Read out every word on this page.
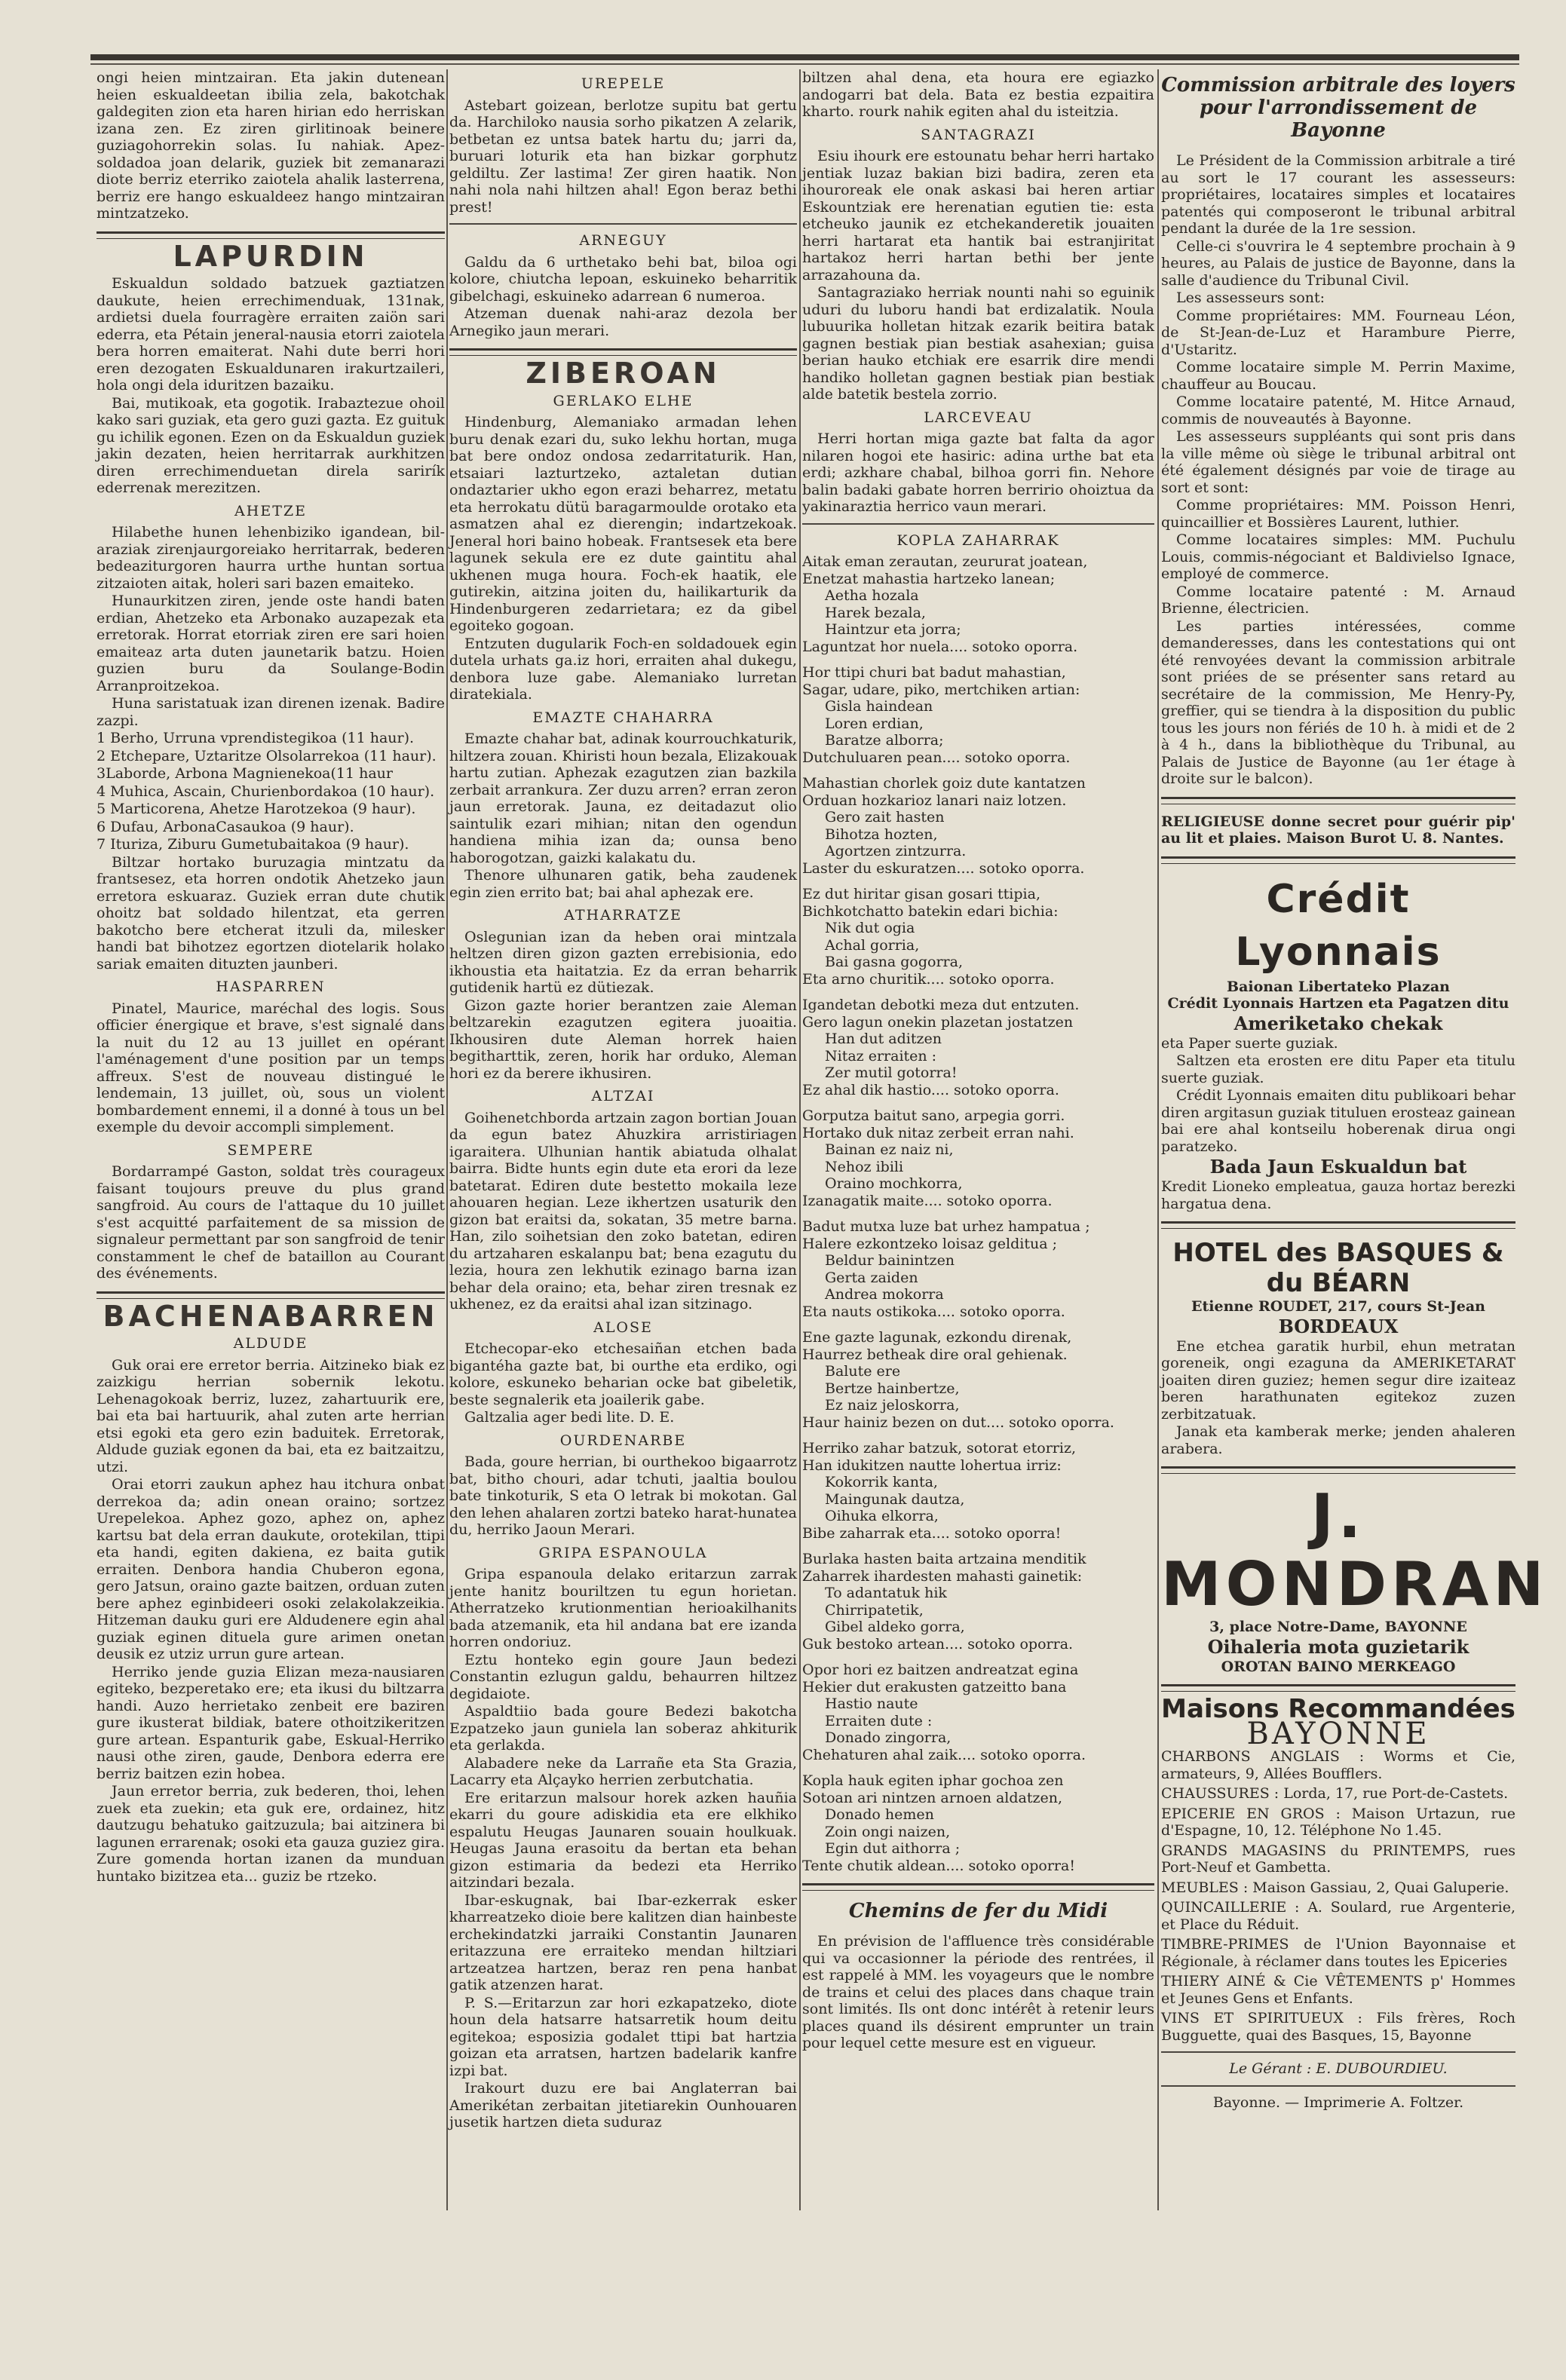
ongi heien mintzairan. Eta jakin dutenean heien eskualdeetan ibilia zela, bakotchak galdegiten zion eta haren hirian edo herriskan izana zen. Ez ziren girlitinoak beinere guziagohorrekin solas. Iu nahiak. Apez-soldadoa joan delarik, guziek bit zemanarazi diote berriz eterriko zaiotela ahalik lasterrena, berriz ere hango eskualdeez hango mintzairan mintzatzeko.

LAPURDIN

Eskualdun soldado batzuek gaztiatzen daukute, heien errechimenduak, 131nak, ardietsi duela fourragère erraiten zaiön sari ederra, eta Pétain jeneral-nausia etorri zaiotela bera horren emaiterat. Nahi dute berri hori eren dezogaten Eskualdunaren irakurtzaileri, hola ongi dela iduritzen bazaiku.

Bai, mutikoak, eta gogotik. Irabaztezue ohoil kako sari guziak, eta gero guzi gazta. Ez guituk gu ichilik egonen. Ezen on da Eskualdun guziek jakin dezaten, heien herritarrak aurkhitzen diren errechimenduetan direla sarirík ederrenak merezitzen.

AHETZE

Hilabethe hunen lehenbiziko igandean, bil-araziak zirenjaurgoreiako herritarrak, bederen bedeaziturgoren haurra urthe huntan sortua zitzaioten aitak, holeri sari bazen emaiteko.

Hunaurkitzen ziren, jende oste handi baten erdian, Ahetzeko eta Arbonako auzapezak eta erretorak. Horrat etorriak ziren ere sari hoien emaiteaz arta duten jaunetarik batzu. Hoien guzien buru da Soulange-Bodin Arranproitzekoa.

Huna saristatuak izan direnen izenak. Badire zazpi.

1 Berho, Urruna vprendistegikoa (11 haur).

2 Etchepare, Uztaritze Olsolarrekoa (11 haur).

3Laborde, Arbona Magnienekoa(11 haur

4 Muhica, Ascain, Churienbordakoa (10 haur).

5 Marticorena, Ahetze Harotzekoa (9 haur).

6 Dufau, ArbonaCasaukoa (9 haur).

7 Ituriza, Ziburu Gumetubaitakoa (9 haur).

Biltzar hortako buruzagia mintzatu da frantsesez, eta horren ondotik Ahetzeko jaun erretora eskuaraz. Guziek erran dute chutik ohoitz bat soldado hilentzat, eta gerren bakotcho bere etcherat itzuli da, milesker handi bat bihotzez egortzen diotelarik holako sariak emaiten dituzten jaunberi.

HASPARREN

Pinatel, Maurice, maréchal des logis. Sous officier énergique et brave, s'est signalé dans la nuit du 12 au 13 juillet en opérant l'aménagement d'une position par un temps affreux. S'est de nouveau distingué le lendemain, 13 juillet, où, sous un violent bombardement ennemi, il a donné à tous un bel exemple du devoir accompli simplement.

SEMPERE

Bordarrampé Gaston, soldat très courageux faisant toujours preuve du plus grand sangfroid. Au cours de l'attaque du 10 juillet s'est acquitté parfaitement de sa mission de signaleur permettant par son sangfroid de tenir constamment le chef de bataillon au Courant des événements.

BACHENABARREN
ALDUDE

Guk orai ere erretor berria. Aitzineko biak ez zaizkigu herrian sobernik lekotu. Lehenagokoak berriz, luzez, zahartuurik ere, bai eta bai hartuurik, ahal zuten arte herrian etsi egoki eta gero ezin baduitek. Erretorak, Aldude guziak egonen da bai, eta ez baitzaitzu, utzi.

Orai etorri zaukun aphez hau itchura onbat derrekoa da; adin onean oraino; sortzez Urepelekoa. Aphez gozo, aphez on, aphez kartsu bat dela erran daukute, orotekilan, ttipi eta handi, egiten dakiena, ez baita gutik erraiten. Denbora handia Chuberon egona, gero Jatsun, oraino gazte baitzen, orduan zuten bere aphez eginbideeri osoki zelakolakzeikia. Hitzeman dauku guri ere Aldudenere egin ahal guziak eginen dituela gure arimen onetan deusik ez utziz urrun gure artean.

Herriko jende guzia Elizan meza-nausiaren egiteko, bezperetako ere; eta ikusi du biltzarra handi. Auzo herrietako zenbeit ere baziren gure ikusterat bildiak, batere othoitzikeritzen gure artean. Espanturik gabe, Eskual-Herriko nausi othe ziren, gaude, Denbora ederra ere berriz baitzen ezin hobea.

Jaun erretor berria, zuk bederen, thoi, lehen zuek eta zuekin; eta guk ere, ordainez, hitz dautzugu behatuko gaitzuzula; bai aitzinera bi lagunen errarenak; osoki eta gauza guziez gira. Zure gomenda hortan izanen da munduan huntako bizitzea eta... guziz be rtzeko.

UREPELE

Astebart goizean, berlotze supitu bat gertu da. Harchiloko nausia sorho pikatzen A zelarik, betbetan ez untsa batek hartu du; jarri da, buruari loturik eta han bizkar gorphutz geldiltu. Zer lastima! Zer giren haatik. Non nahi nola nahi hiltzen ahal! Egon beraz bethi prest!

ARNEGUY

Galdu da 6 urthetako behi bat, biloa ogi kolore, chiutcha lepoan, eskuineko beharritik gibelchagi, eskuineko adarrean 6 numeroa.

Atzeman duenak nahi-araz dezola ber Arnegiko jaun merari.

ZIBEROAN
GERLAKO ELHE

Hindenburg, Alemaniako armadan lehen buru denak ezari du, suko lekhu hortan, muga bat bere ondoz ondosa zedarritaturik. Han, etsaiari lazturtzeko, aztaletan dutian ondaztarier ukho egon erazi beharrez, metatu eta herrokatu dütü baragarmoulde orotako eta asmatzen ahal ez dierengin; indartzekoak. Jeneral hori baino hobeak. Frantsesek eta bere lagunek sekula ere ez dute gaintitu ahal ukhenen muga houra. Foch-ek haatik, ele gutirekin, aitzina joiten du, hailikarturik da Hindenburgeren zedarrietara; ez da gibel egoiteko gogoan.

Entzuten dugularik Foch-en soldadouek egin dutela urhats ga.iz hori, erraiten ahal dukegu, denbora luze gabe. Alemaniako lurretan diratekiala.

EMAZTE CHAHARRA

Emazte chahar bat, adinak kourrouchkaturik, hiltzera zouan. Khiristi houn bezala, Elizakouak hartu zutian. Aphezak ezagutzen zian bazkila zerbait arrankura. Zer duzu arren? erran zeron jaun erretorak. Jauna, ez deitadazut olio saintulik ezari mihian; nitan den ogendun handiena mihia izan da; ounsa beno haborogotzan, gaizki kalakatu du.

Thenore ulhunaren gatik, beha zaudenek egin zien errito bat; bai ahal aphezak ere.

ATHARRATZE

Oslegunian izan da heben orai mintzala heltzen diren gizon gazten errebisionia, edo ikhoustia eta haitatzia. Ez da erran beharrik gutidenik hartü ez dütiezak.

Gizon gazte horier berantzen zaie Aleman beltzarekin ezagutzen egitera juoaitia. Ikhousiren dute Aleman horrek haien begitharttik, zeren, horik har orduko, Aleman hori ez da berere ikhusiren.

ALTZAI

Goihenetchborda artzain zagon bortian Jouan da egun batez Ahuzkira arristiriagen igaraitera. Ulhunian hantik abiatuda olhalat bairra. Bidte hunts egin dute eta erori da leze batetarat. Ediren dute bestetto mokaila leze ahouaren hegian. Leze ikhertzen usaturik den gizon bat eraitsi da, sokatan, 35 metre barna. Han, zilo soihetsian den zoko batetan, ediren du artzaharen eskalanpu bat; bena ezagutu du lezia, houra zen lekhutik ezinago barna izan behar dela oraino; eta, behar ziren tresnak ez ukhenez, ez da eraitsi ahal izan sitzinago.

ALOSE

Etchecopar-eko etchesaiñan etchen bada bigantéha gazte bat, bi ourthe eta erdiko, ogi kolore, eskuneko beharian ocke bat gibeletik, beste segnalerik eta joailerik gabe.

Galtzalia ager bedi lite. D. E.

OURDENARBE

Bada, goure herrian, bi ourthekoo bigaarrotz bat, bitho chouri, adar tchuti, jaaltia boulou bate tinkoturik, S eta O letrak bi mokotan. Gal den lehen ahalaren zortzi bateko harat-hunatea du, herriko Jaoun Merari.

GRIPA ESPANOULA

Gripa espanoula delako eritarzun zarrak jente hanitz bouriltzen tu egun horietan. Atherratzeko krutionmentian herioakilhanits bada atzemanik, eta hil andana bat ere izanda horren ondoriuz.

Eztu honteko egin goure Jaun bedezi Constantin ezlugun galdu, behaurren hiltzez degidaiote.

Aspaldtiio bada goure Bedezi bakotcha Ezpatzeko jaun guniela lan soberaz ahkiturik eta gerlakda.

Alabadere neke da Larrañe eta Sta Grazia, Lacarry eta Alçayko herrien zerbutchatia.

Ere eritarzun malsour horek azken hauñia ekarri du goure adiskidia eta ere elkhiko espalutu Heugas Jaunaren souain houlkuak. Heugas Jauna erasoitu da bertan eta behan gizon estimaria da bedezi eta Herriko aitzindari bezala.

Ibar-eskugnak, bai Ibar-ezkerrak esker kharreatzeko dioie bere kalitzen dian hainbeste erchekindatzki jarraiki Constantin Jaunaren eritazzuna ere erraiteko mendan hiltziari artzeatzea hartzen, beraz ren pena hanbat gatik atzenzen harat.

P. S.—Eritarzun zar hori ezkapatzeko, diote houn dela hatsarre hatsarretik houm deitu egitekoa; esposizia godalet ttipi bat hartzia goizan eta arratsen, hartzen badelarik kanfre izpi bat.

Irakourt duzu ere bai Anglaterran bai Amerikétan zerbaitan jitetiarekin Ounhouaren jusetik hartzen dieta suduraz

biltzen ahal dena, eta houra ere egiazko andogarri bat dela. Bata ez bestia ezpaitira kharto. rourk nahik egiten ahal du isteitzia.

SANTAGRAZI

Esiu ihourk ere estounatu behar herri hartako jentiak luzaz bakian bizi badira, zeren eta ihouroreak ele onak askasi bai heren artiar Eskountziak ere herenatian egutien tie: esta etcheuko jaunik ez etchekanderetik jouaiten herri hartarat eta hantik bai estranjiritat hartakoz herri hartan bethi ber jente arrazahouna da.

Santagraziako herriak nounti nahi so eguinik uduri du luboru handi bat erdizalatik. Noula lubuurika holletan hitzak ezarik beitira batak gagnen bestiak pian bestiak asahexian; guisa berian hauko etchiak ere esarrik dire mendi handiko holletan gagnen bestiak pian bestiak alde batetik bestela zorrio.

LARCEVEAU

Herri hortan miga gazte bat falta da agor nilaren hogoi ete hasiric: adina urthe bat eta erdi; azkhare chabal, bilhoa gorri fin. Nehore balin badaki gabate horren berririo ohoiztua da yakinaraztia herrico vaun merari.

KOPLA ZAHARRAK
Aitak eman zerautan, zeururat joatean,
Enetzat mahastia hartzeko lanean;
Aetha hozala
Harek bezala,
Haintzur eta jorra;
Laguntzat hor nuela.... sotoko oporra.
Hor ttipi churi bat badut mahastian,
Sagar, udare, piko, mertchiken artian:
Gisla haindean
Loren erdian,
Baratze alborra;
Dutchuluaren pean.... sotoko oporra.
Mahastian chorlek goiz dute kantatzen
Orduan hozkarioz lanari naiz lotzen.
Gero zait hasten
Bihotza hozten,
Agortzen zintzurra.
Laster du eskuratzen.... sotoko oporra.
Ez dut hiritar gisan gosari ttipia,
Bichkotchatto batekin edari bichia:
Nik dut ogia
Achal gorria,
Bai gasna gogorra,
Eta arno churitik.... sotoko oporra.
Igandetan debotki meza dut entzuten.
Gero lagun onekin plazetan jostatzen
Han dut aditzen
Nitaz erraiten :
Zer mutil gotorra!
Ez ahal dik hastio.... sotoko oporra.
Gorputza baitut sano, arpegia gorri.
Hortako duk nitaz zerbeit erran nahi.
Bainan ez naiz ni,
Nehoz ibili
Oraino mochkorra,
Izanagatik maite.... sotoko oporra.
Badut mutxa luze bat urhez hampatua ;
Halere ezkontzeko loisaz gelditua ;
Beldur bainintzen
Gerta zaiden
Andrea mokorra
Eta nauts ostikoka.... sotoko oporra.
Ene gazte lagunak, ezkondu direnak,
Haurrez betheak dire oral gehienak.
Balute ere
Bertze hainbertze,
Ez naiz jeloskorra,
Haur hainiz bezen on dut.... sotoko oporra.
Herriko zahar batzuk, sotorat etorriz,
Han idukitzen nautte lohertua irriz:
Kokorrik kanta,
Maingunak dautza,
Oihuka elkorra,
Bibe zaharrak eta.... sotoko oporra!
Burlaka hasten baita artzaina menditik
Zaharrek ihardesten mahasti gainetik:
To adantatuk hik
Chirripatetik,
Gibel aldeko gorra,
Guk bestoko artean.... sotoko oporra.
Opor hori ez baitzen andreatzat egina
Hekier dut erakusten gatzeitto bana
Hastio naute
Erraiten dute :
Donado zingorra,
Chehaturen ahal zaik.... sotoko oporra.
Kopla hauk egiten iphar gochoa zen
Sotoan ari nintzen arnoen aldatzen,
Donado hemen
Zoin ongi naizen,
Egin dut aithorra ;
Tente chutik aldean.... sotoko oporra!
Chemins de fer du Midi

En prévision de l'affluence très considérable qui va occasionner la période des rentrées, il est rappelé à MM. les voyageurs que le nombre de trains et celui des places dans chaque train sont limités. Ils ont donc intérêt à retenir leurs places quand ils désirent emprunter un train pour lequel cette mesure est en vigueur.

Commission arbitrale des loyers pour l'arrondissement de Bayonne

Le Président de la Commission arbitrale a tiré au sort le 17 courant les assesseurs: propriétaires, locataires simples et locataires patentés qui composeront le tribunal arbitral pendant la durée de la 1re session.

Celle-ci s'ouvrira le 4 septembre prochain à 9 heures, au Palais de justice de Bayonne, dans la salle d'audience du Tribunal Civil.

Les assesseurs sont:

Comme propriétaires: MM. Fourneau Léon, de St-Jean-de-Luz et Harambure Pierre, d'Ustaritz.

Comme locataire simple M. Perrin Maxime, chauffeur au Boucau.

Comme locataire patenté, M. Hitce Arnaud, commis de nouveautés à Bayonne.

Les assesseurs suppléants qui sont pris dans la ville même où siège le tribunal arbitral ont été également désignés par voie de tirage au sort et sont:

Comme propriétaires: MM. Poisson Henri, quincaillier et Bossières Laurent, luthier.

Comme locataires simples: MM. Puchulu Louis, commis-négociant et Baldivielso Ignace, employé de commerce.

Comme locataire patenté : M. Arnaud Brienne, électricien.

Les parties intéressées, comme demanderesses, dans les contestations qui ont été renvoyées devant la commission arbitrale sont priées de se présenter sans retard au secrétaire de la commission, Me Henry-Py, greffier, qui se tiendra à la disposition du public tous les jours non fériés de 10 h. à midi et de 2 à 4 h., dans la bibliothèque du Tribunal, au Palais de Justice de Bayonne (au 1er étage à droite sur le balcon).

RELIGIEUSE donne secret pour guérir pip' au lit et plaies. Maison Burot U. 8. Nantes.

Crédit Lyonnais
Baionan Libertateko Plazan
Crédit Lyonnais Hartzen eta Pagatzen ditu
Ameriketako chekak

eta Paper suerte guziak.

Saltzen eta erosten ere ditu Paper eta titulu suerte guziak.

Crédit Lyonnais emaiten ditu publikoari behar diren argitasun guziak tituluen erosteaz gainean bai ere ahal kontseilu hoberenak dirua ongi paratzeko.

Bada Jaun Eskualdun bat

Kredit Lioneko empleatua, gauza hortaz berezki hargatua dena.

HOTEL des BASQUES & du BÉARN
Etienne ROUDET, 217, cours St-Jean
BORDEAUX

Ene etchea garatik hurbil, ehun metratan goreneik, ongi ezaguna da AMERIKETARAT joaiten diren guziez; hemen segur dire izaiteaz beren harathunaten egitekoz zuzen zerbitzatuak.

Janak eta kamberak merke; jenden ahaleren arabera.

J. MONDRAN
3, place Notre-Dame, BAYONNE
Oihaleria mota guzietarik
OROTAN BAINO MERKEAGO
Maisons Recommandées
BAYONNE
CHARBONS ANGLAIS : Worms et Cie, armateurs, 9, Allées Boufflers.
CHAUSSURES : Lorda, 17, rue Port-de-Castets.
EPICERIE EN GROS : Maison Urtazun, rue d'Espagne, 10, 12. Téléphone No 1.45.
GRANDS MAGASINS du PRINTEMPS, rues Port-Neuf et Gambetta.
MEUBLES : Maison Gassiau, 2, Quai Galuperie.
QUINCAILLERIE : A. Soulard, rue Argenterie, et Place du Réduit.
TIMBRE-PRIMES de l'Union Bayonnaise et Régionale, à réclamer dans toutes les Epiceries
THIERY AINÉ & Cie VÊTEMENTS p' Hommes et Jeunes Gens et Enfants.
VINS ET SPIRITUEUX : Fils frères, Roch Bugguette, quai des Basques, 15, Bayonne
Le Gérant : E. DUBOURDIEU.
Bayonne. — Imprimerie A. Foltzer.
